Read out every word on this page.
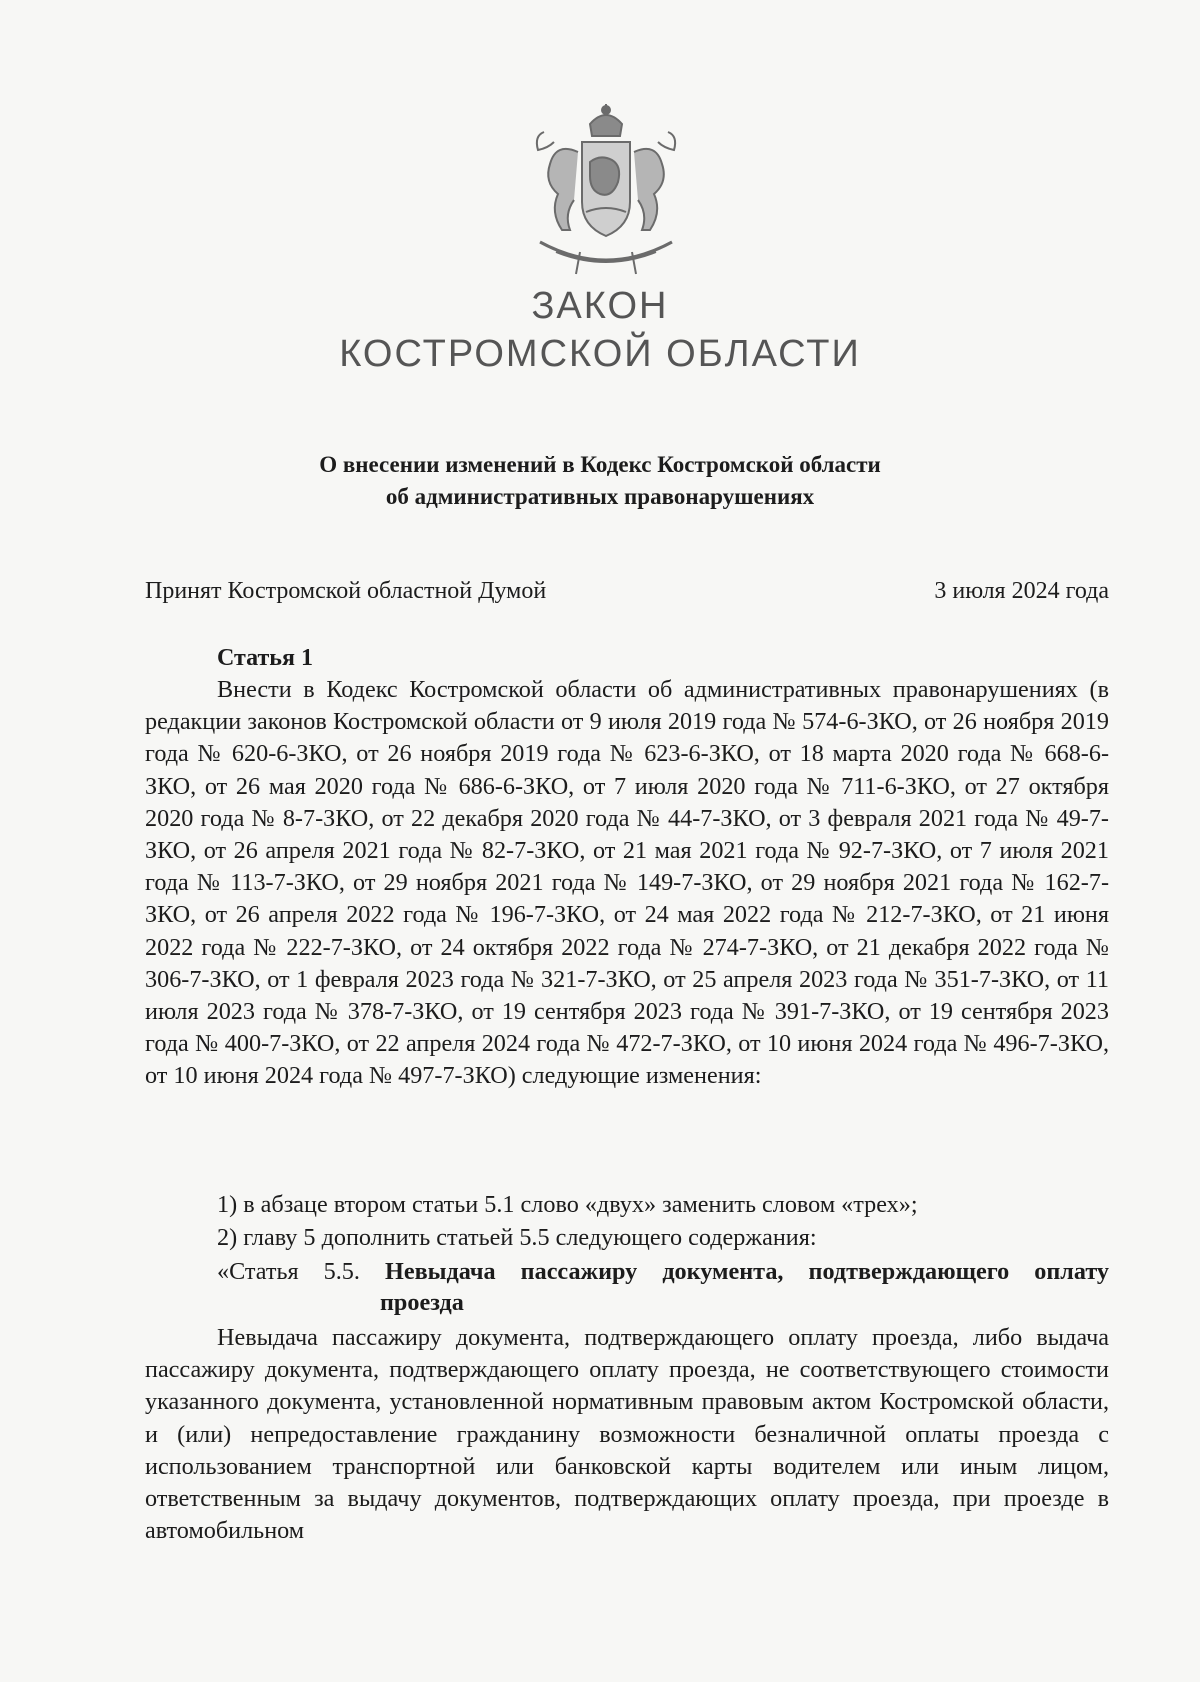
ЗАКОН
КОСТРОМСКОЙ ОБЛАСТИ
О внесении изменений в Кодекс Костромской области
об административных правонарушениях
Принят Костромской областной Думой	3 июля 2024 года
Статья 1
Внести в Кодекс Костромской области об административных правонарушениях (в редакции законов Костромской области от 9 июля 2019 года № 574-6-ЗКО, от 26 ноября 2019 года № 620-6-ЗКО, от 26 ноября 2019 года № 623-6-ЗКО, от 18 марта 2020 года № 668-6-ЗКО, от 26 мая 2020 года № 686-6-ЗКО, от 7 июля 2020 года № 711-6-ЗКО, от 27 октября 2020 года № 8-7-ЗКО, от 22 декабря 2020 года № 44-7-ЗКО, от 3 февраля 2021 года № 49-7-ЗКО, от 26 апреля 2021 года № 82-7-ЗКО, от 21 мая 2021 года № 92-7-ЗКО, от 7 июля 2021 года № 113-7-ЗКО, от 29 ноября 2021 года № 149-7-ЗКО, от 29 ноября 2021 года № 162-7-ЗКО, от 26 апреля 2022 года № 196-7-ЗКО, от 24 мая 2022 года № 212-7-ЗКО, от 21 июня 2022 года № 222-7-ЗКО, от 24 октября 2022 года № 274-7-ЗКО, от 21 декабря 2022 года № 306-7-ЗКО, от 1 февраля 2023 года № 321-7-ЗКО, от 25 апреля 2023 года № 351-7-ЗКО, от 11 июля 2023 года № 378-7-ЗКО, от 19 сентября 2023 года № 391-7-ЗКО, от 19 сентября 2023 года № 400-7-ЗКО, от 22 апреля 2024 года № 472-7-ЗКО, от 10 июня 2024 года № 496-7-ЗКО, от 10 июня 2024 года № 497-7-ЗКО) следующие изменения:
1) в абзаце втором статьи 5.1 слово «двух» заменить словом «трех»;
2) главу 5 дополнить статьей 5.5 следующего содержания:
«Статья 5.5. Невыдача пассажиру документа, подтверждающего оплату
проезда
Невыдача пассажиру документа, подтверждающего оплату проезда, либо выдача пассажиру документа, подтверждающего оплату проезда, не соответствующего стоимости указанного документа, установленной нормативным правовым актом Костромской области, и (или) непредоставление гражданину возможности безналичной оплаты проезда с использованием транспортной или банковской карты водителем или иным лицом, ответственным за выдачу документов, подтверждающих оплату проезда, при проезде в автомобильном
